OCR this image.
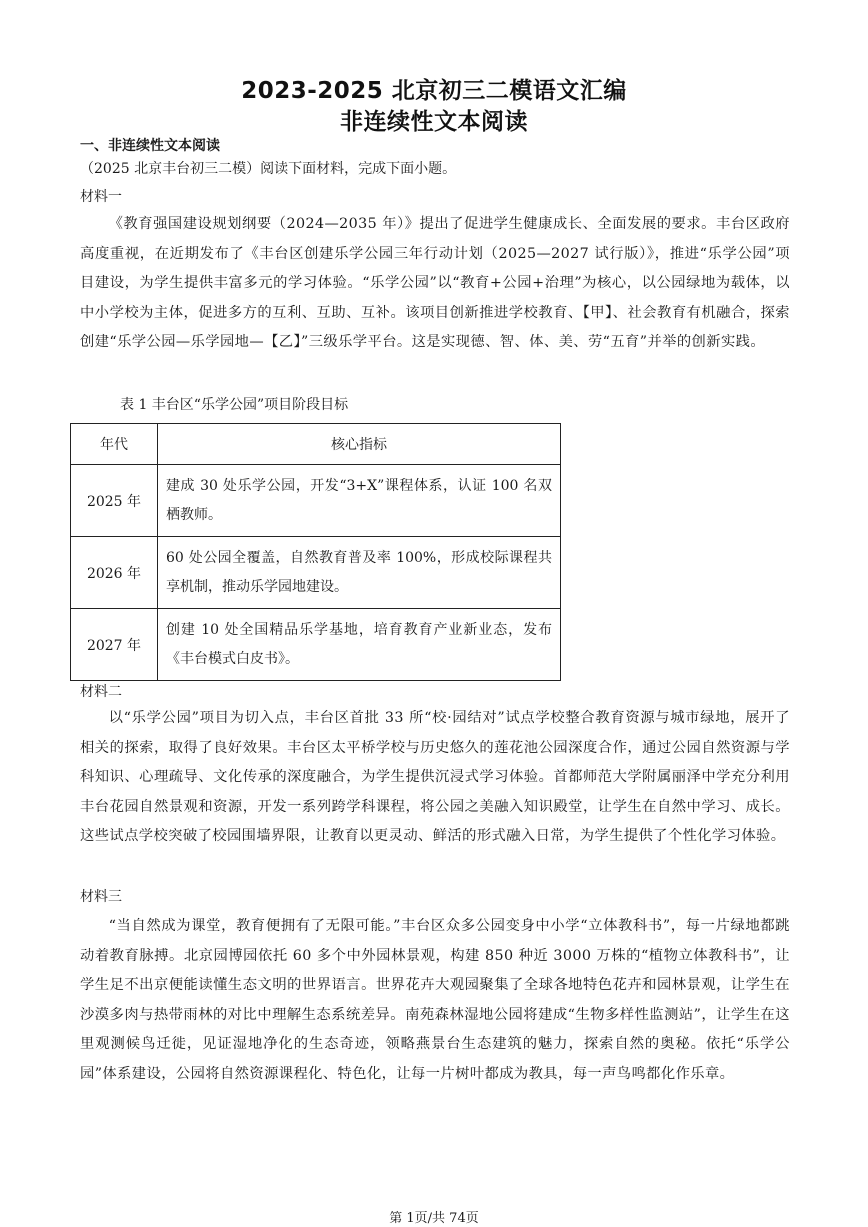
2023-2025 北京初三二模语文汇编
非连续性文本阅读
一、非连续性文本阅读
（2025 北京丰台初三二模）阅读下面材料，完成下面小题。
材料一
《教育强国建设规划纲要（2024—2035 年）》提出了促进学生健康成长、全面发展的要求。丰台区政府高度重视，在近期发布了《丰台区创建乐学公园三年行动计划（2025—2027 试行版）》，推进“乐学公园”项目建设，为学生提供丰富多元的学习体验。“乐学公园”以“教育+公园+治理”为核心，以公园绿地为载体，以中小学校为主体，促进多方的互利、互助、互补。该项目创新推进学校教育、【甲】、社会教育有机融合，探索创建“乐学公园—乐学园地—【乙】”三级乐学平台。这是实现德、智、体、美、劳“五育”并举的创新实践。
表 1 丰台区“乐学公园”项目阶段目标
年代	核心指标
2025 年	建成 30 处乐学公园，开发“3+X”课程体系，认证 100 名双栖教师。
2026 年	60 处公园全覆盖，自然教育普及率 100%，形成校际课程共享机制，推动乐学园地建设。
2027 年	创建 10 处全国精品乐学基地，培育教育产业新业态，发布《丰台模式白皮书》。
材料二
以“乐学公园”项目为切入点，丰台区首批 33 所“校·园结对”试点学校整合教育资源与城市绿地，展开了相关的探索，取得了良好效果。丰台区太平桥学校与历史悠久的莲花池公园深度合作，通过公园自然资源与学科知识、心理疏导、文化传承的深度融合，为学生提供沉浸式学习体验。首都师范大学附属丽泽中学充分利用丰台花园自然景观和资源，开发一系列跨学科课程，将公园之美融入知识殿堂，让学生在自然中学习、成长。这些试点学校突破了校园围墙界限，让教育以更灵动、鲜活的形式融入日常，为学生提供了个性化学习体验。
材料三
“当自然成为课堂，教育便拥有了无限可能。”丰台区众多公园变身中小学“立体教科书”，每一片绿地都跳动着教育脉搏。北京园博园依托 60 多个中外园林景观，构建 850 种近 3000 万株的“植物立体教科书”，让学生足不出京便能读懂生态文明的世界语言。世界花卉大观园聚集了全球各地特色花卉和园林景观，让学生在沙漠多肉与热带雨林的对比中理解生态系统差异。南苑森林湿地公园将建成“生物多样性监测站”，让学生在这里观测候鸟迁徙，见证湿地净化的生态奇迹，领略燕景台生态建筑的魅力，探索自然的奥秘。依托“乐学公园”体系建设，公园将自然资源课程化、特色化，让每一片树叶都成为教具，每一声鸟鸣都化作乐章。
第 1页/共 74页
